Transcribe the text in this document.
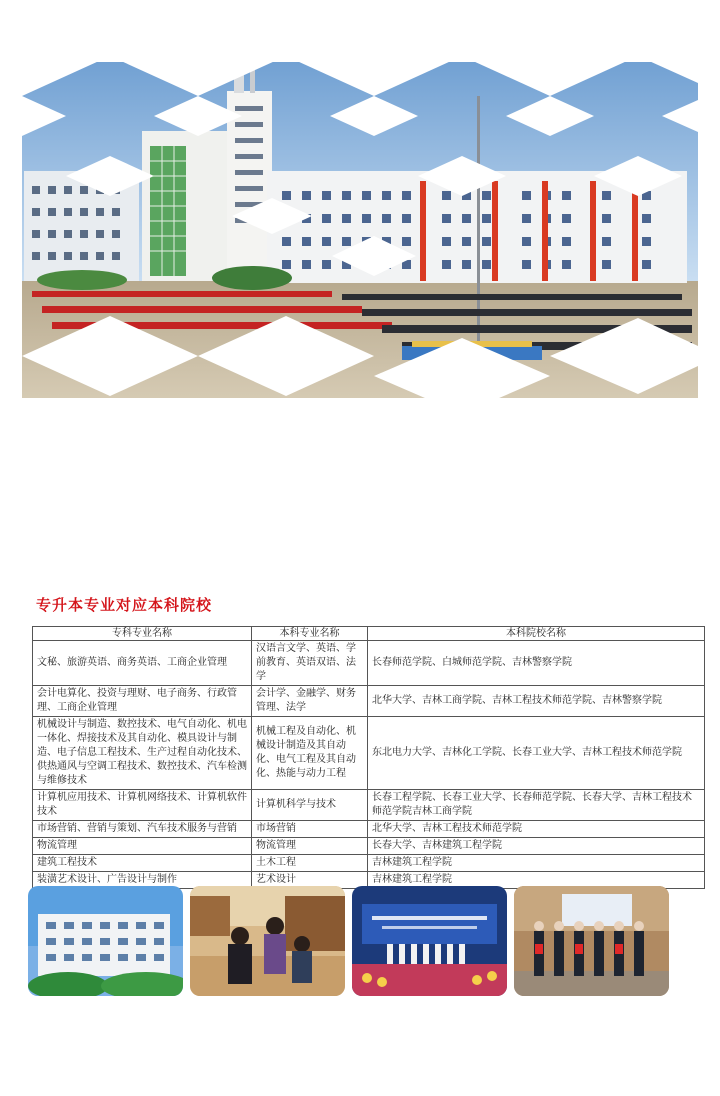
专升本专业对应本科院校
专科专业名称	本科专业名称	本科院校名称
文秘、旅游英语、商务英语、工商企业管理	汉语言文学、英语、学前教育、英语双语、法学	长春师范学院、白城师范学院、吉林警察学院
会计电算化、投资与理财、电子商务、行政管理、工商企业管理	会计学、金融学、财务管理、法学	北华大学、吉林工商学院、吉林工程技术师范学院、吉林警察学院
机械设计与制造、数控技术、电气自动化、机电一体化、焊接技术及其自动化、模具设计与制造、电子信息工程技术、生产过程自动化技术、供热通风与空调工程技术、数控技术、汽车检测与维修技术	机械工程及自动化、机械设计制造及其自动化、电气工程及其自动化、热能与动力工程	东北电力大学、吉林化工学院、长春工业大学、吉林工程技术师范学院
计算机应用技术、计算机网络技术、计算机软件技术	计算机科学与技术	长春工程学院、长春工业大学、长春师范学院、长春大学、吉林工程技术师范学院吉林工商学院
市场营销、营销与策划、汽车技术服务与营销	市场营销	北华大学、吉林工程技术师范学院
物流管理	物流管理	长春大学、吉林建筑工程学院
建筑工程技术	土木工程	吉林建筑工程学院
装潢艺术设计、广告设计与制作	艺术设计	吉林建筑工程学院
